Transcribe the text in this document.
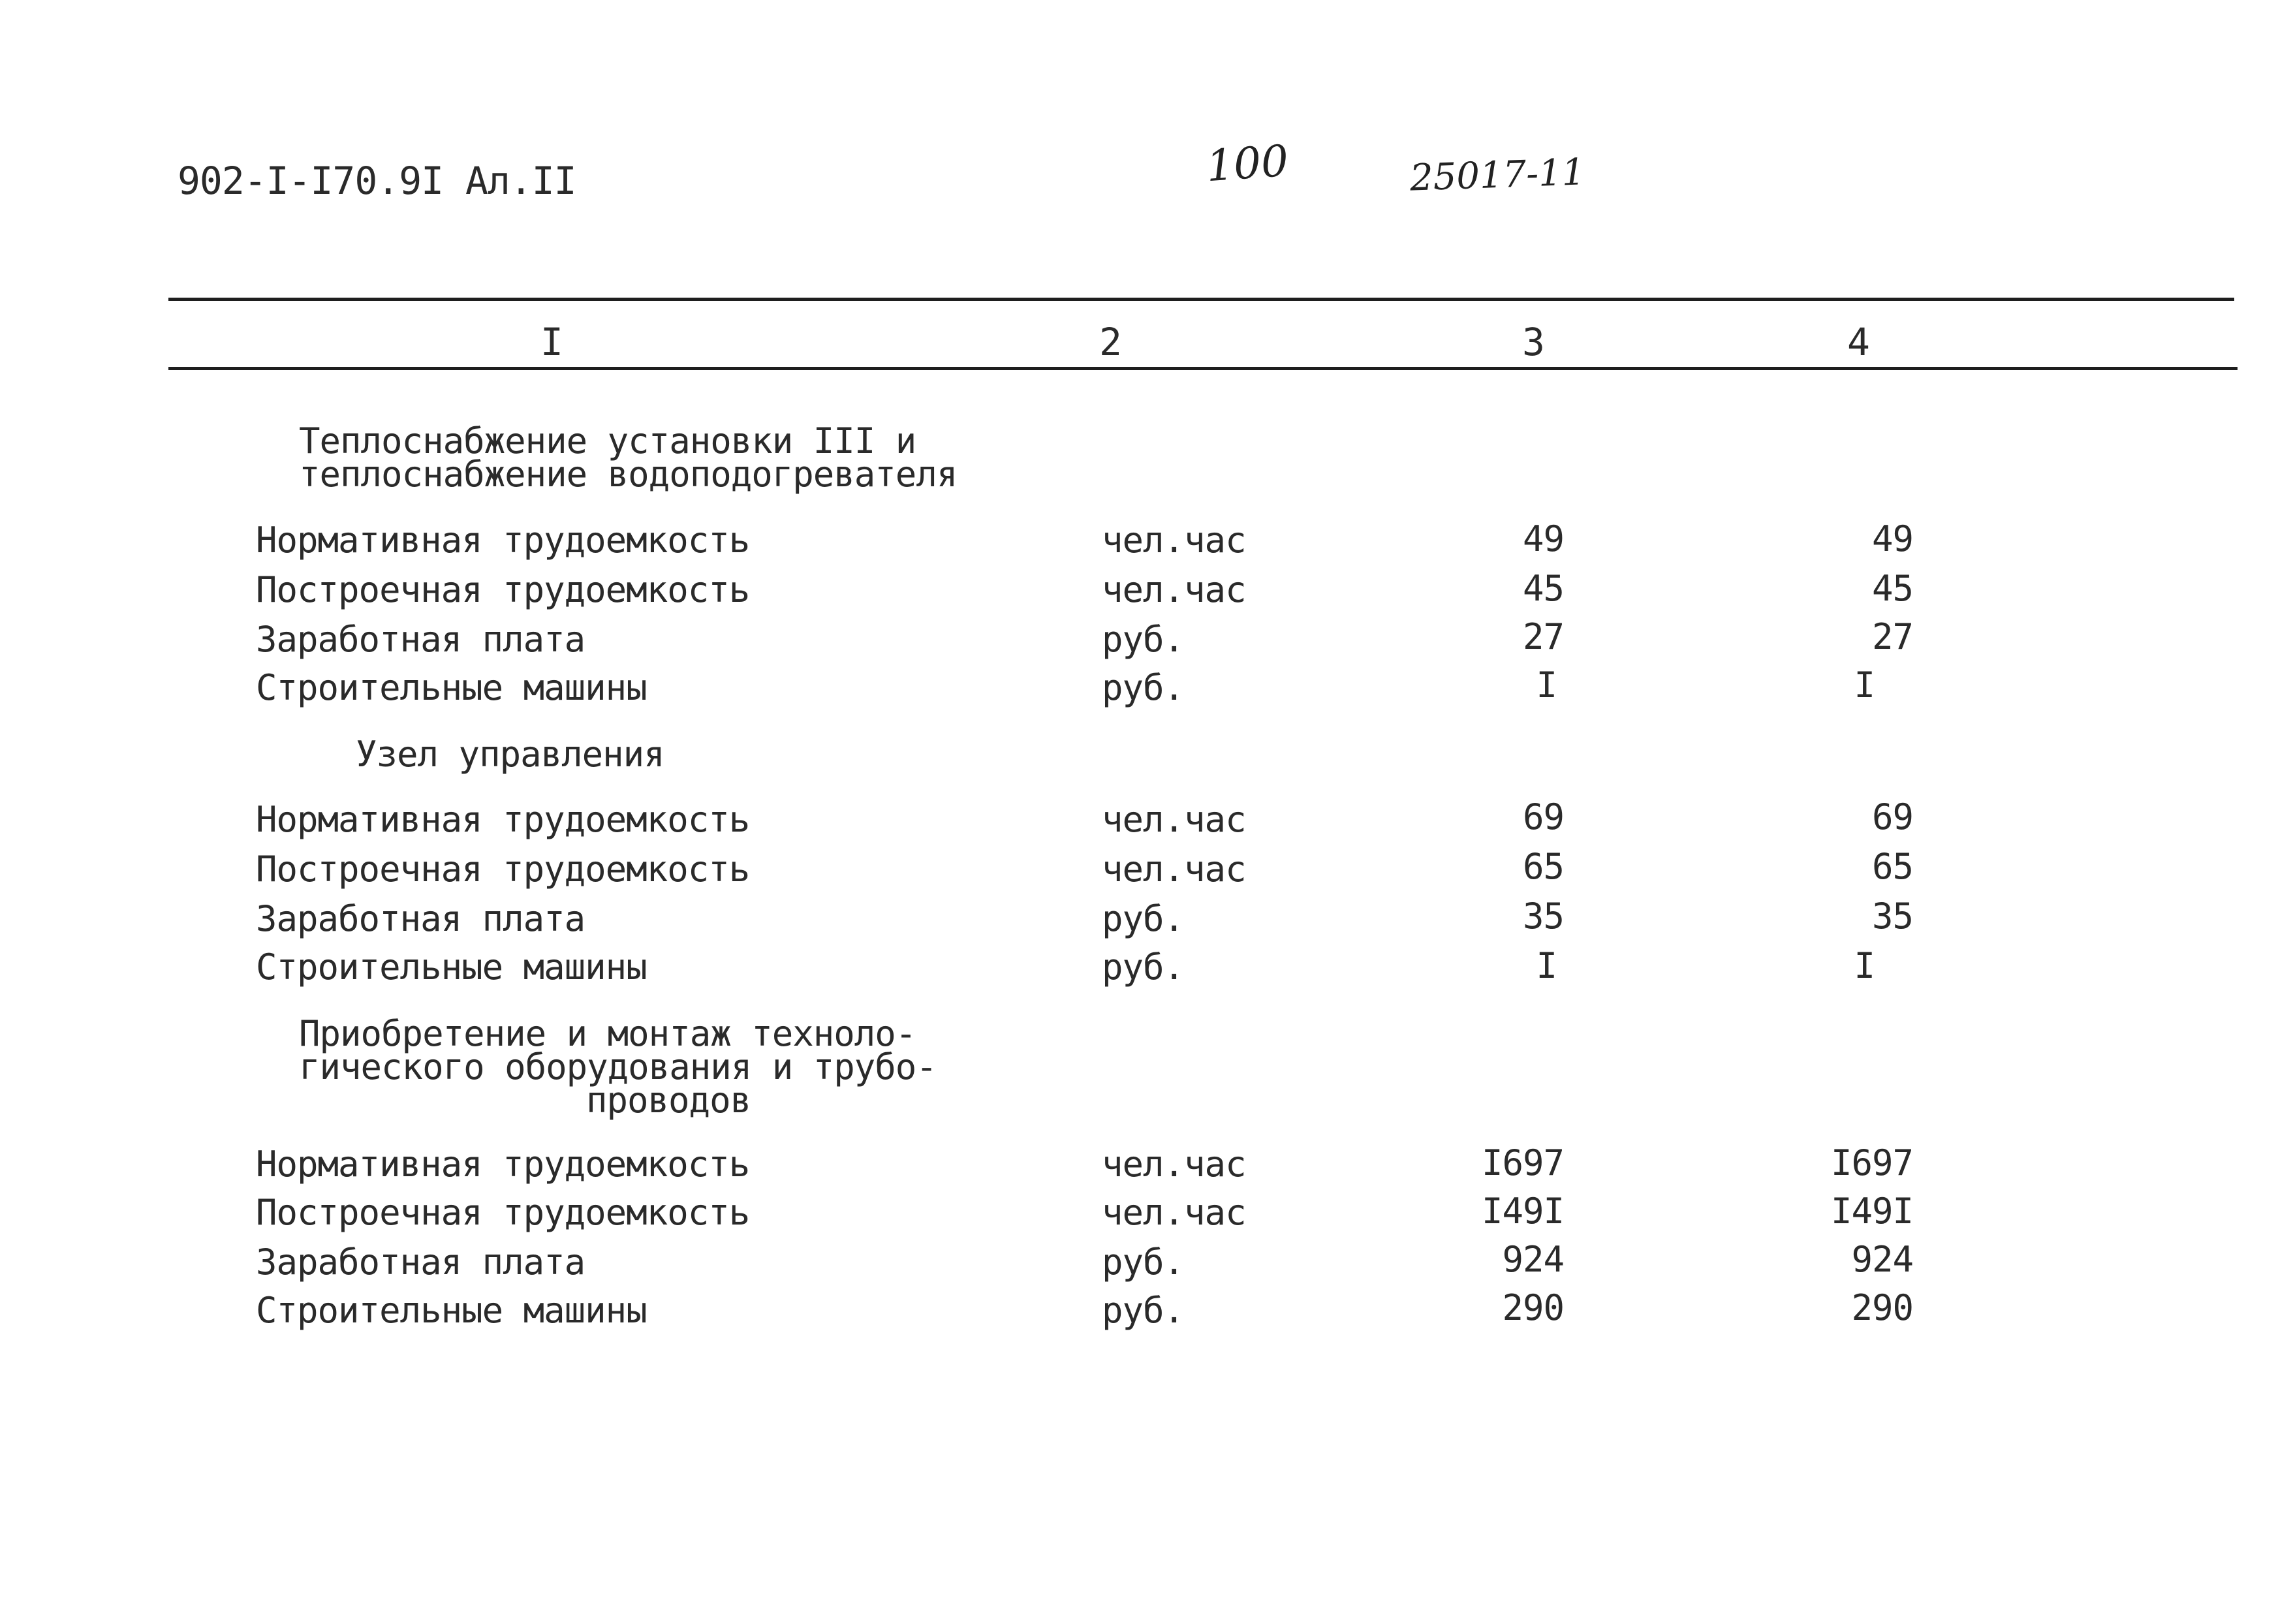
902-I-I70.9I Ал.II	100	25017-11
I	2	3	4
Теплоснабжение установки III и
теплоснабжение водоподогревателя
Нормативная трудоемкость	чел.час	49	49
Построечная трудоемкость	чел.час	45	45
Заработная плата	руб.	27	27
Строительные машины	руб.	I	I
Узел управления
Нормативная трудоемкость	чел.час	69	69
Построечная трудоемкость	чел.час	65	65
Заработная плата	руб.	35	35
Строительные машины	руб.	I	I
Приобретение и монтаж техноло-
гического оборудования и трубо-
проводов
Нормативная трудоемкость	чел.час	I697	I697
Построечная трудоемкость	чел.час	I49I	I49I
Заработная плата	руб.	924	924
Строительные машины	руб.	290	290
